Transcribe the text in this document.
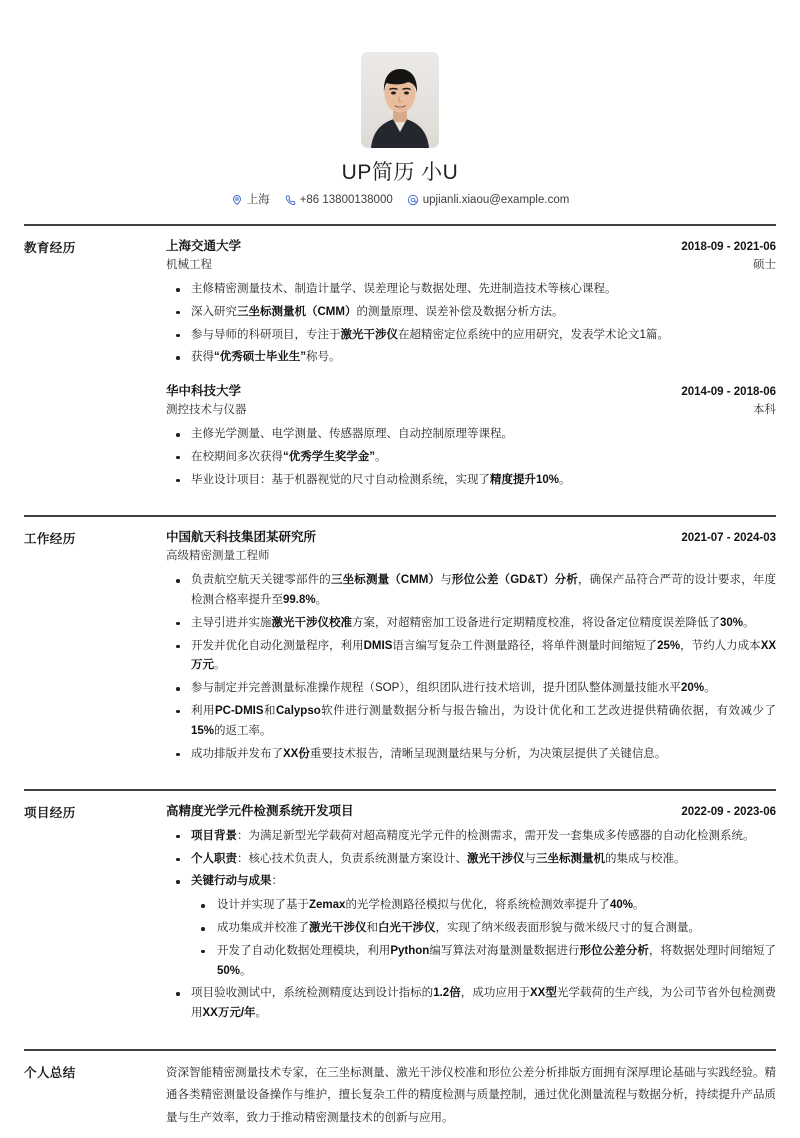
UP简历 小U
上海	+86 13800138000	upjianli.xiaou@example.com
教育经历	上海交通大学	2018-09 - 2021-06
机械工程	硕士
主修精密测量技术、制造计量学、误差理论与数据处理、先进制造技术等核心课程。
深入研究三坐标测量机（CMM）的测量原理、误差补偿及数据分析方法。
参与导师的科研项目，专注于激光干涉仪在超精密定位系统中的应用研究，发表学术论文1篇。
获得“优秀硕士毕业生”称号。
华中科技大学	2014-09 - 2018-06
测控技术与仪器	本科
主修光学测量、电学测量、传感器原理、自动控制原理等课程。
在校期间多次获得“优秀学生奖学金”。
毕业设计项目：基于机器视觉的尺寸自动检测系统，实现了精度提升10%。
工作经历	中国航天科技集团某研究所	2021-07 - 2024-03
高级精密测量工程师
负责航空航天关键零部件的三坐标测量（CMM）与形位公差（GD&T）分析，确保产品符合严苛的设计要求，年度检测合格率提升至99.8%。
主导引进并实施激光干涉仪校准方案，对超精密加工设备进行定期精度校准，将设备定位精度误差降低了30%。
开发并优化自动化测量程序，利用DMIS语言编写复杂工件测量路径，将单件测量时间缩短了25%，节约人力成本XX万元。
参与制定并完善测量标准操作规程（SOP），组织团队进行技术培训，提升团队整体测量技能水平20%。
利用PC-DMIS和Calypso软件进行测量数据分析与报告输出，为设计优化和工艺改进提供精确依据，有效减少了15%的返工率。
成功排版并发布了XX份重要技术报告，清晰呈现测量结果与分析，为决策层提供了关键信息。
项目经历	高精度光学元件检测系统开发项目	2022-09 - 2023-06
项目背景：为满足新型光学载荷对超高精度光学元件的检测需求，需开发一套集成多传感器的自动化检测系统。
个人职责：核心技术负责人，负责系统测量方案设计、激光干涉仪与三坐标测量机的集成与校准。
关键行动与成果：
设计并实现了基于Zemax的光学检测路径模拟与优化，将系统检测效率提升了40%。
成功集成并校准了激光干涉仪和白光干涉仪，实现了纳米级表面形貌与微米级尺寸的复合测量。
开发了自动化数据处理模块，利用Python编写算法对海量测量数据进行形位公差分析，将数据处理时间缩短了50%。
项目验收测试中，系统检测精度达到设计指标的1.2倍，成功应用于XX型光学载荷的生产线，为公司节省外包检测费用XX万元/年。
个人总结	资深智能精密测量技术专家，在三坐标测量、激光干涉仪校准和形位公差分析排版方面拥有深厚理论基础与实践经验。精通各类精密测量设备操作与维护，擅长复杂工件的精度检测与质量控制，通过优化测量流程与数据分析，持续提升产品质量与生产效率，致力于推动精密测量技术的创新与应用。
